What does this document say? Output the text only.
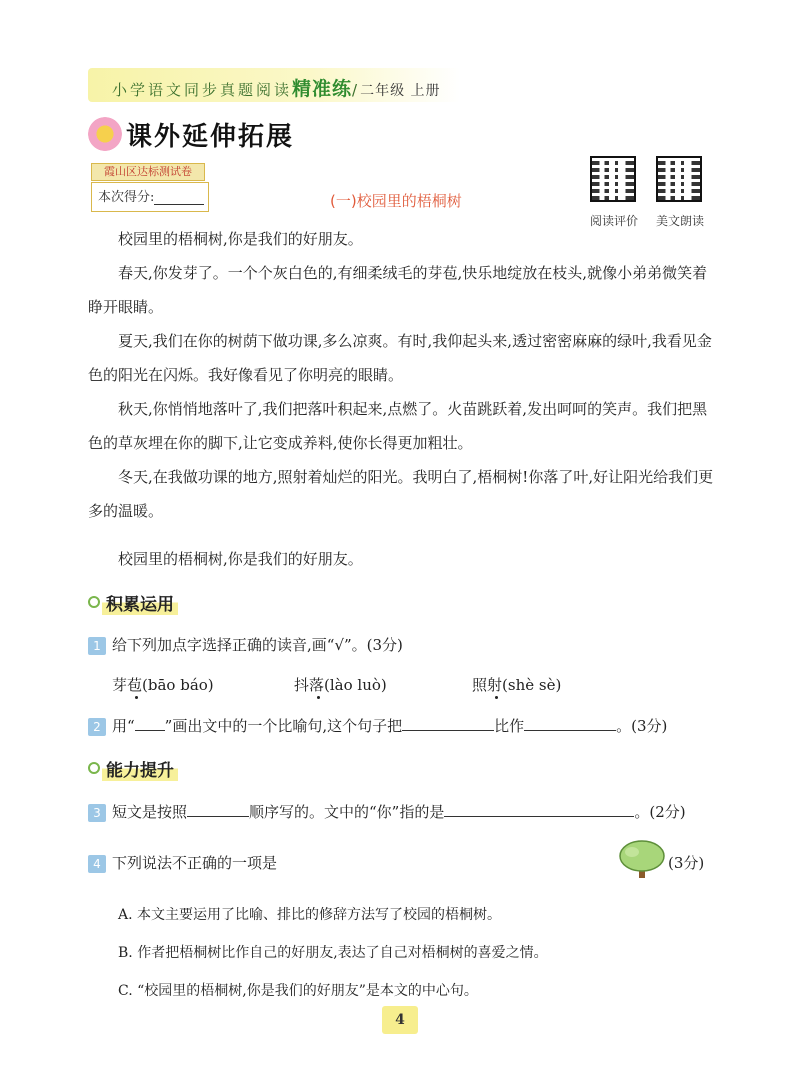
小学语文同步真题阅读精准练/二年级 上册
课外延伸拓展
霞山区达标测试卷
本次得分:	(一)校园里的梧桐树
阅读评价 美文朗读
校园里的梧桐树,你是我们的好朋友。
春天,你发芽了。一个个灰白色的,有细柔绒毛的芽苞,快乐地绽放在枝头,就像小弟弟微笑着睁开眼睛。
夏天,我们在你的树荫下做功课,多么凉爽。有时,我仰起头来,透过密密麻麻的绿叶,我看见金色的阳光在闪烁。我好像看见了你明亮的眼睛。
秋天,你悄悄地落叶了,我们把落叶积起来,点燃了。火苗跳跃着,发出呵呵的笑声。我们把黑色的草灰埋在你的脚下,让它变成养料,使你长得更加粗壮。
冬天,在我做功课的地方,照射着灿烂的阳光。我明白了,梧桐树!你落了叶,好让阳光给我们更多的温暖。
校园里的梧桐树,你是我们的好朋友。
积累运用
1 给下列加点字选择正确的读音,画“√”。(3分)
芽苞(bāo báo)	抖落(lào luò)	照射(shè sè)
2 用“ ”画出文中的一个比喻句,这个句子把	比作	。(3分)
能力提升
3 短文是按照	顺序写的。文中的“你”指的是	。(2分)
4 下列说法不正确的一项是	(3分)
A. 本文主要运用了比喻、排比的修辞方法写了校园的梧桐树。
B. 作者把梧桐树比作自己的好朋友,表达了自己对梧桐树的喜爱之情。
C. “校园里的梧桐树,你是我们的好朋友”是本文的中心句。
4
